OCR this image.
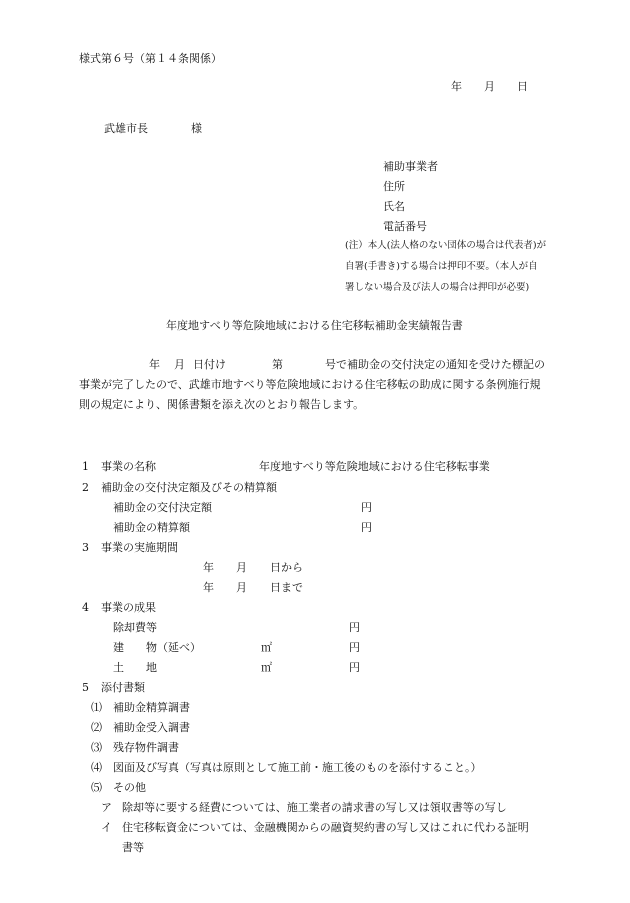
様式第６号（第１４条関係）
年 月 日
武雄市長	様
補助事業者
住所
氏名
電話番号
(注）本人(法人格のない団体の場合は代表者)が
自署(手書き)する場合は押印不要。（本人が自
署しない場合及び法人の場合は押印が必要)
年度地すべり等危険地域における住宅移転補助金実績報告書
年 月 日付け	第	号で補助金の交付決定の通知を受けた標記の
事業が完了したので、武雄市地すべり等危険地域における住宅移転の助成に関する条例施行規
則の規定により、関係書類を添え次のとおり報告します。
1 事業の名称	年度地すべり等危険地域における住宅移転事業
2 補助金の交付決定額及びその精算額
補助金の交付決定額	円
補助金の精算額	円
3 事業の実施期間
年 月 日から
年 月 日まで
4 事業の成果
除却費等	円
建　　物（延べ）	㎡	円
土　　地	㎡	円
5 添付書類
⑴ 補助金精算調書
⑵ 補助金受入調書
⑶ 残存物件調書
⑷ 図面及び写真（写真は原則として施工前・施工後のものを添付すること。）
⑸ その他
ア 除却等に要する経費については、施工業者の請求書の写し又は領収書等の写し
イ 住宅移転資金については、金融機関からの融資契約書の写し又はこれに代わる証明
書等
